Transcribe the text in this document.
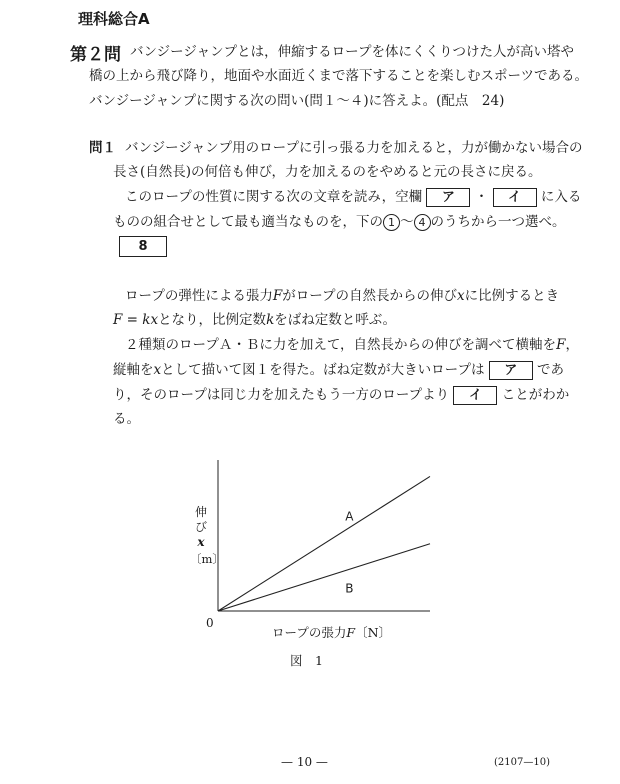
理科総合A
第２問 バンジージャンプとは，伸縮するロープを体にくくりつけた人が高い塔や
橋の上から飛び降り，地面や水面近くまで落下することを楽しむスポーツである。
バンジージャンプに関する次の問い(問１～４)に答えよ。(配点　24)
問１ バンジージャンプ用のロープに引っ張る力を加えると，力が働かない場合の
長さ(自然長)の何倍も伸び，力を加えるのをやめると元の長さに戻る。
このロープの性質に関する次の文章を読み，空欄 ア ・ イ に入る
ものの組合せとして最も適当なものを，下の 1 ～ 4 のうちから一つ選べ。
8
ロープの弾性による張力Fがロープの自然長からの伸びxに比例するとき
F = kxとなり，比例定数kをばね定数と呼ぶ。
２種類のロープＡ・Ｂに力を加えて，自然長からの伸びを調べて横軸をF，
縦軸をxとして描いて図１を得た。ばね定数が大きいロープは ア であ
り，そのロープは同じ力を加えたもう一方のロープより イ ことがわか
る。
A
B
伸
び
x
〔m〕
0
ロープの張力F〔N〕
図　1
— 10 —	(2107—10)
